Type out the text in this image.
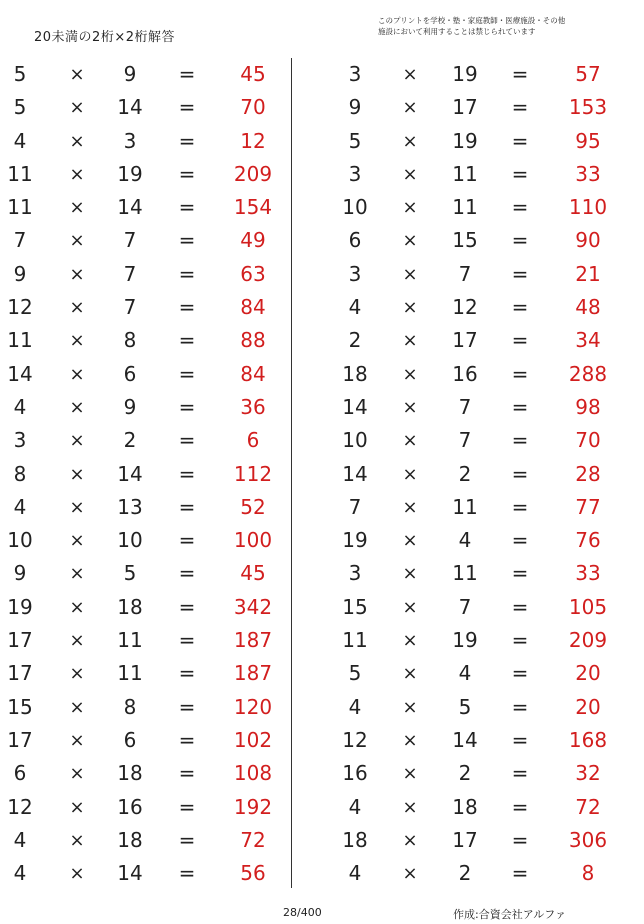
20未満の2桁×2桁解答
このプリントを学校・塾・家庭教師・医療施設・その他
施設において利用することは禁じられています
5	×	9	=	45
5	×	14	=	70
4	×	3	=	12
11	×	19	=	209
11	×	14	=	154
7	×	7	=	49
9	×	7	=	63
12	×	7	=	84
11	×	8	=	88
14	×	6	=	84
4	×	9	=	36
3	×	2	=	6
8	×	14	=	112
4	×	13	=	52
10	×	10	=	100
9	×	5	=	45
19	×	18	=	342
17	×	11	=	187
17	×	11	=	187
15	×	8	=	120
17	×	6	=	102
6	×	18	=	108
12	×	16	=	192
4	×	18	=	72
4	×	14	=	56
3	×	19	=	57
9	×	17	=	153
5	×	19	=	95
3	×	11	=	33
10	×	11	=	110
6	×	15	=	90
3	×	7	=	21
4	×	12	=	48
2	×	17	=	34
18	×	16	=	288
14	×	7	=	98
10	×	7	=	70
14	×	2	=	28
7	×	11	=	77
19	×	4	=	76
3	×	11	=	33
15	×	7	=	105
11	×	19	=	209
5	×	4	=	20
4	×	5	=	20
12	×	14	=	168
16	×	2	=	32
4	×	18	=	72
18	×	17	=	306
4	×	2	=	8
28/400	作成:合資会社アルファ
